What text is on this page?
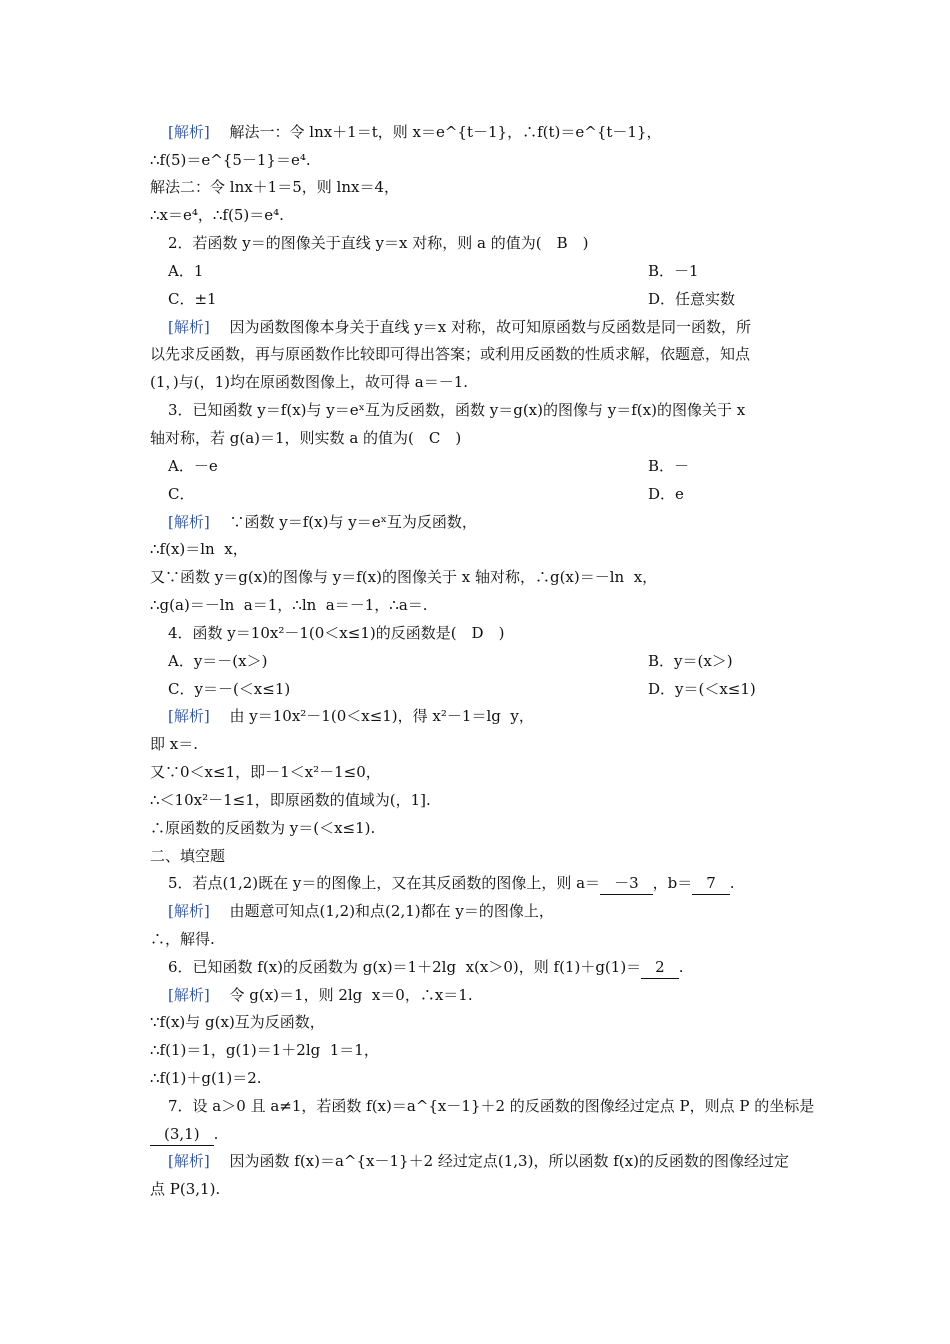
[解析]　 解法一：令 lnx＋1＝t，则 x＝e^{t－1}，∴f(t)＝e^{t－1}，
∴f(5)＝e^{5－1}＝e⁴.
解法二：令 lnx＋1＝5，则 lnx＝4，
∴x＝e⁴，∴f(5)＝e⁴.
2．若函数 y＝的图像关于直线 y＝x 对称，则 a 的值为(　B　)
A．1	B．－1
C．±1	D．任意实数
[解析]　 因为函数图像本身关于直线 y＝x 对称，故可知原函数与反函数是同一函数，所
以先求反函数，再与原函数作比较即可得出答案；或利用反函数的性质求解，依题意，知点
(1，)与(，1)均在原函数图像上，故可得 a＝－1.
3．已知函数 y＝f(x)与 y＝eˣ互为反函数，函数 y＝g(x)的图像与 y＝f(x)的图像关于 x
轴对称，若 g(a)＝1，则实数 a 的值为(　C　)
A．－e	B．－
C．	D．e
[解析]　 ∵函数 y＝f(x)与 y＝eˣ互为反函数，
∴f(x)＝ln  x，
又∵函数 y＝g(x)的图像与 y＝f(x)的图像关于 x 轴对称，∴g(x)＝－ln  x，
∴g(a)＝－ln  a＝1，∴ln  a＝－1，∴a＝.
4．函数 y＝10x²－1(0＜x≤1)的反函数是(　D　)
A．y＝－(x＞)	B．y＝(x＞)
C．y＝－(＜x≤1)	D．y＝(＜x≤1)
[解析]　 由 y＝10x²－1(0＜x≤1)，得 x²－1＝lg  y，
即 x＝.
又∵0＜x≤1，即－1＜x²－1≤0，
∴＜10x²－1≤1，即原函数的值域为(，1].
∴原函数的反函数为 y＝(＜x≤1).
二、填空题
5．若点(1,2)既在 y＝的图像上，又在其反函数的图像上，则 a＝ －3 ，b＝ 7 .
[解析]　 由题意可知点(1,2)和点(2,1)都在 y＝的图像上，
∴，解得.
6．已知函数 f(x)的反函数为 g(x)＝1＋2lg  x(x＞0)，则 f(1)＋g(1)＝ 2 .
[解析]　 令 g(x)＝1，则 2lg  x＝0，∴x＝1.
∵f(x)与 g(x)互为反函数，
∴f(1)＝1，g(1)＝1＋2lg  1＝1，
∴f(1)＋g(1)＝2.
7．设 a＞0 且 a≠1，若函数 f(x)＝a^{x－1}＋2 的反函数的图像经过定点 P，则点 P 的坐标是
(3,1) .
[解析]　 因为函数 f(x)＝a^{x－1}＋2 经过定点(1,3)，所以函数 f(x)的反函数的图像经过定
点 P(3,1).
